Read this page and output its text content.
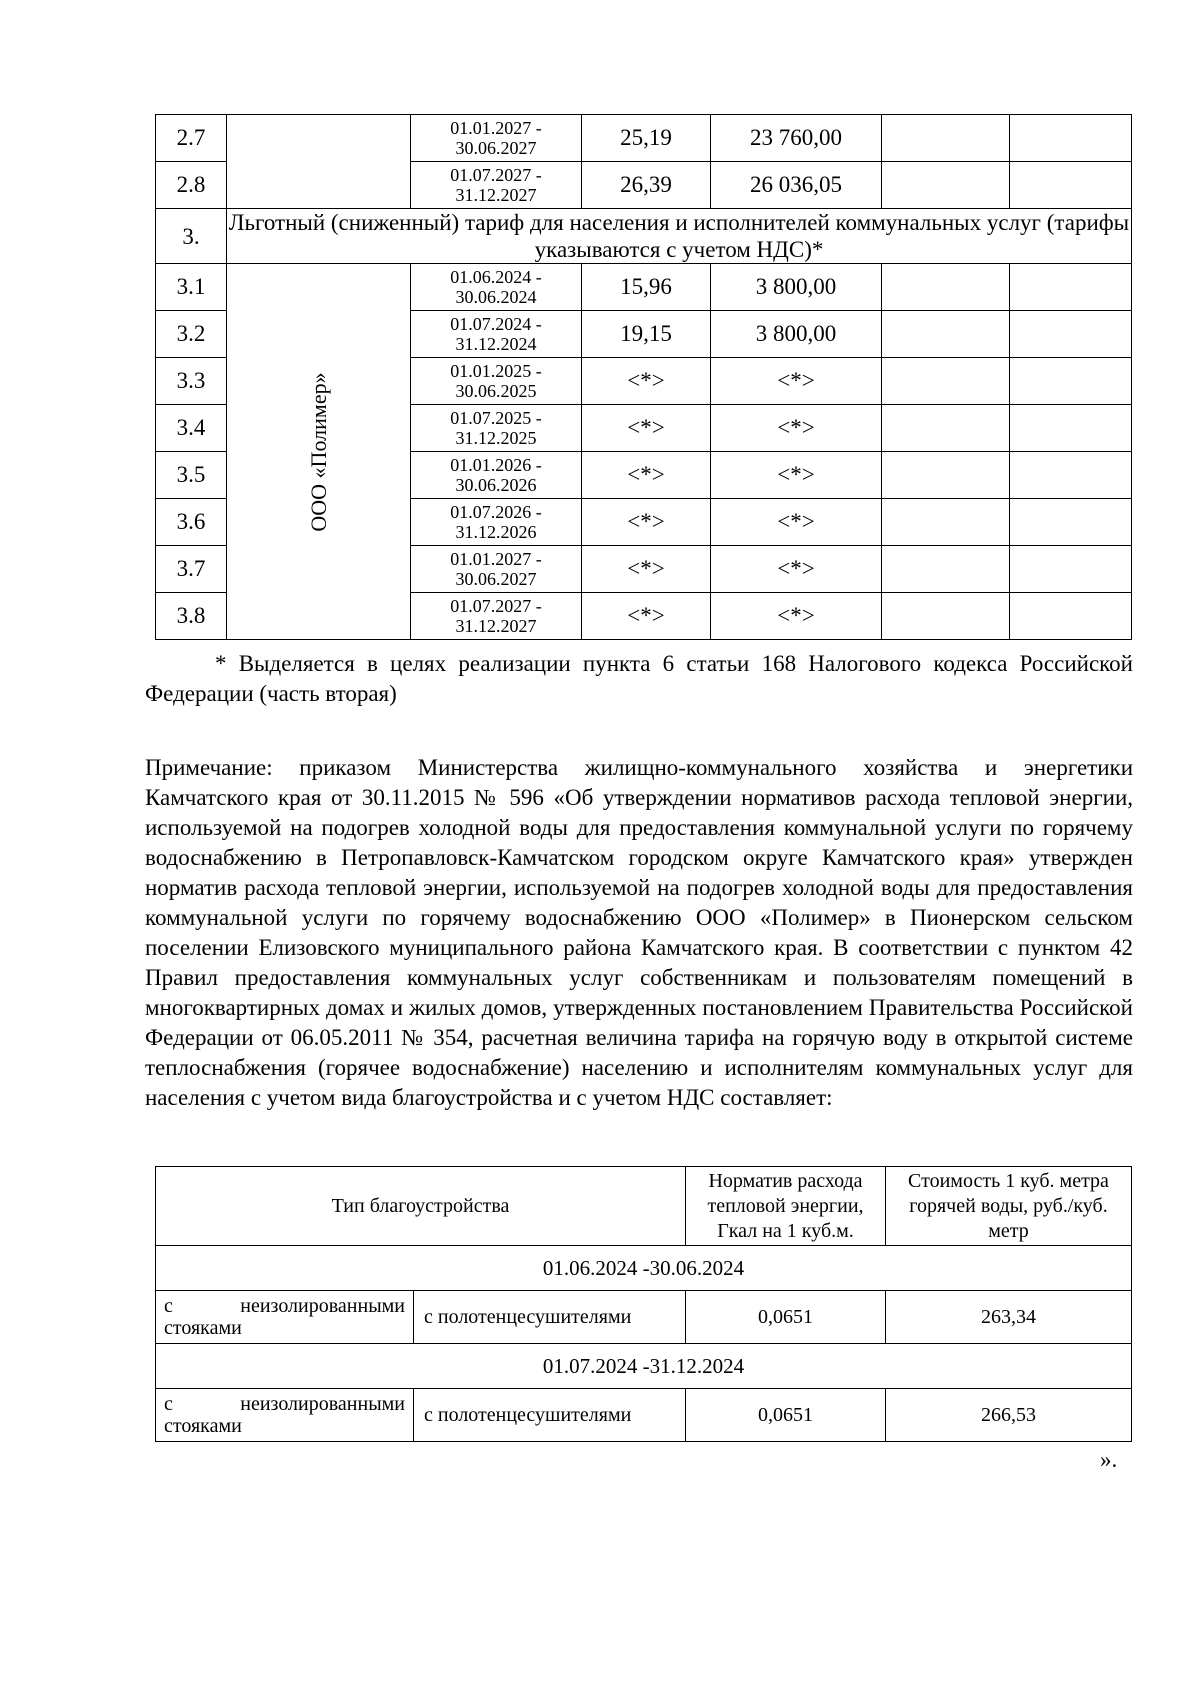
2.7		01.01.2027 - 30.06.2027	25,19	23 760,00		
2.8		01.07.2027 - 31.12.2027	26,39	26 036,05		
3.	Льготный (сниженный) тариф для населения и исполнителей коммунальных услуг (тарифы указываются с учетом НДС)*					
3.1	ООО «Полимер»	01.06.2024 - 30.06.2024	15,96	3 800,00		
3.2		01.07.2024 - 31.12.2024	19,15	3 800,00		
3.3		01.01.2025 - 30.06.2025	<*>	<*>		
3.4		01.07.2025 - 31.12.2025	<*>	<*>		
3.5		01.01.2026 - 30.06.2026	<*>	<*>		
3.6		01.07.2026 - 31.12.2026	<*>	<*>		
3.7		01.01.2027 - 30.06.2027	<*>	<*>		
3.8		01.07.2027 - 31.12.2027	<*>	<*>		
* Выделяется в целях реализации пункта 6 статьи 168 Налогового кодекса Российской Федерации (часть вторая)
Примечание: приказом Министерства жилищно-коммунального хозяйства и энергетики Камчатского края от 30.11.2015 № 596 «Об утверждении нормативов расхода тепловой энергии, используемой на подогрев холодной воды для предоставления коммунальной услуги по горячему водоснабжению в Петропавловск-Камчатском городском округе Камчатского края» утвержден норматив расхода тепловой энергии, используемой на подогрев холодной воды для предоставления коммунальной услуги по горячему водоснабжению ООО «Полимер» в Пионерском сельском поселении Елизовского муниципального района Камчатского края. В соответствии с пунктом 42 Правил предоставления коммунальных услуг собственникам и пользователям помещений в многоквартирных домах и жилых домов, утвержденных постановлением Правительства Российской Федерации от 06.05.2011 № 354, расчетная величина тарифа на горячую воду в открытой системе теплоснабжения (горячее водоснабжение) населению и исполнителям коммунальных услуг для населения с учетом вида благоустройства и с учетом НДС составляет:
Тип благоустройства		Норматив расхода тепловой энергии, Гкал на 1 куб.м.	Стоимость 1 куб. метра горячей воды, руб./куб. метр
01.06.2024 -30.06.2024			
с неизолированными стояками	с полотенцесушителями	0,0651	263,34
01.07.2024 -31.12.2024			
с неизолированными стояками	с полотенцесушителями	0,0651	266,53
».
